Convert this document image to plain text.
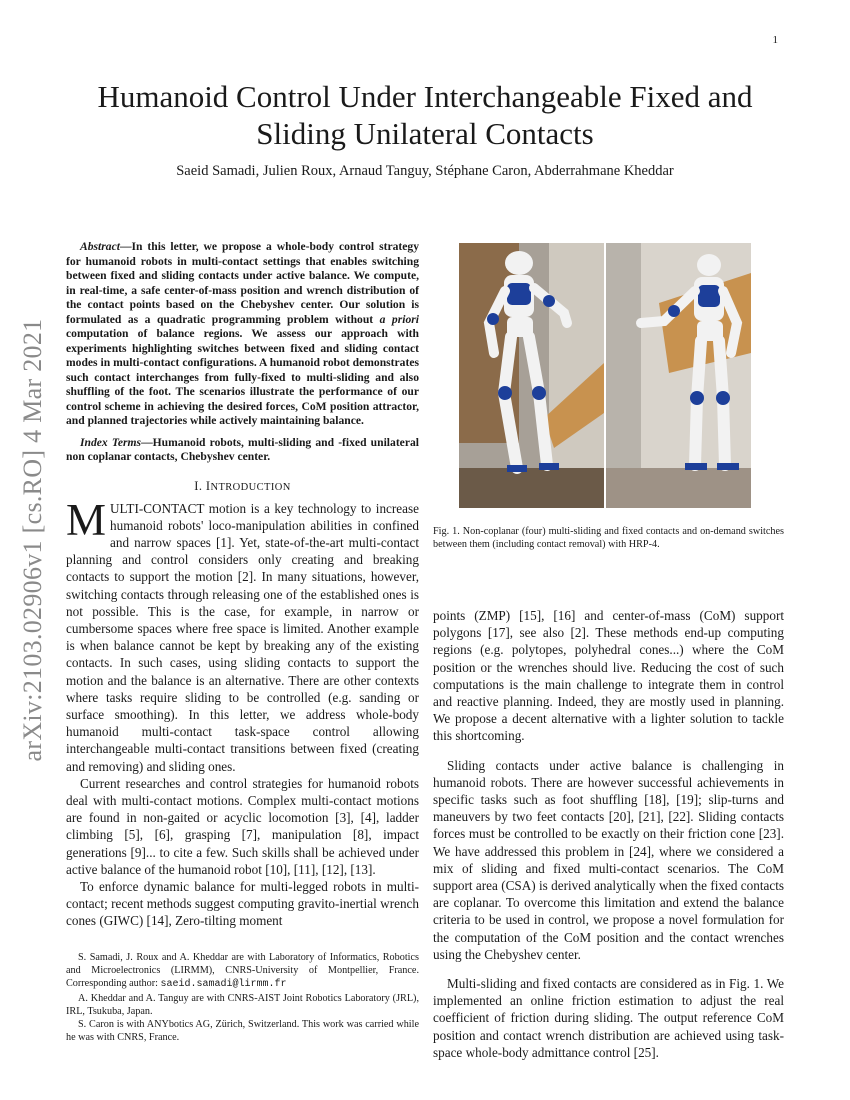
1
arXiv:2103.02906v1 [cs.RO] 4 Mar 2021
Humanoid Control Under Interchangeable Fixed and Sliding Unilateral Contacts
Saeid Samadi, Julien Roux, Arnaud Tanguy, Stéphane Caron, Abderrahmane Kheddar

Abstract—In this letter, we propose a whole-body control strategy for humanoid robots in multi-contact settings that enables switching between fixed and sliding contacts under active balance. We compute, in real-time, a safe center-of-mass position and wrench distribution of the contact points based on the Chebyshev center. Our solution is formulated as a quadratic programming problem without a priori computation of balance regions. We assess our approach with experiments highlighting switches between fixed and sliding contact modes in multi-contact configurations. A humanoid robot demonstrates such contact interchanges from fully-fixed to multi-sliding and also shuffling of the foot. The scenarios illustrate the performance of our control scheme in achieving the desired forces, CoM position attractor, and planned trajectories while actively maintaining balance.

Index Terms—Humanoid robots, multi-sliding and -fixed unilateral non coplanar contacts, Chebyshev center.

I. INTRODUCTION

MULTI-CONTACT motion is a key technology to increase humanoid robots' loco-manipulation abilities in confined and narrow spaces [1]. Yet, state-of-the-art multi-contact planning and control considers only creating and breaking contacts to support the motion [2]. In many situations, however, switching contacts through releasing one of the established ones is not possible. This is the case, for example, in narrow or cumbersome spaces where free space is limited. Another example is when balance cannot be kept by breaking any of the existing contacts. In such cases, using sliding contacts to support the motion and the balance is an alternative. There are other contexts where tasks require sliding to be controlled (e.g. sanding or surface smoothing). In this letter, we address whole-body humanoid multi-contact task-space control allowing interchangeable multi-contact transitions between fixed (creating and removing) and sliding ones.

Current researches and control strategies for humanoid robots deal with multi-contact motions. Complex multi-contact motions are found in non-gaited or acyclic locomotion [3], [4], ladder climbing [5], [6], grasping [7], manipulation [8], impact generations [9]... to cite a few. Such skills shall be achieved under active balance of the humanoid robot [10], [11], [12], [13].

To enforce dynamic balance for multi-legged robots in multi-contact; recent methods suggest computing gravito-inertial wrench cones (GIWC) [14], Zero-tilting moment

S. Samadi, J. Roux and A. Kheddar are with Laboratory of Informatics, Robotics and Microelectronics (LIRMM), CNRS-University of Montpellier, France. Corresponding author: saeid.samadi@lirmm.fr

A. Kheddar and A. Tanguy are with CNRS-AIST Joint Robotics Laboratory (JRL), IRL, Tsukuba, Japan.

S. Caron is with ANYbotics AG, Zürich, Switzerland. This work was carried while he was with CNRS, France.

Fig. 1. Non-coplanar (four) multi-sliding and fixed contacts and on-demand switches between them (including contact removal) with HRP-4.

points (ZMP) [15], [16] and center-of-mass (CoM) support polygons [17], see also [2]. These methods end-up computing regions (e.g. polytopes, polyhedral cones...) where the CoM position or the wrenches should live. Reducing the cost of such computations is the main challenge to integrate them in control and reactive planning. Indeed, they are mostly used in planning. We propose a decent alternative with a lighter solution to tackle this shortcoming.

Sliding contacts under active balance is challenging in humanoid robots. There are however successful achievements in specific tasks such as foot shuffling [18], [19]; slip-turns and maneuvers by two feet contacts [20], [21], [22]. Sliding contacts forces must be controlled to be exactly on their friction cone [23]. We have addressed this problem in [24], where we considered a mix of sliding and fixed multi-contact scenarios. The CoM support area (CSA) is derived analytically when the fixed contacts are coplanar. To overcome this limitation and extend the balance criteria to be used in control, we propose a novel formulation for the computation of the CoM position and the contact wrenches using the Chebyshev center.

Multi-sliding and fixed contacts are considered as in Fig. 1. We implemented an online friction estimation to adjust the real coefficient of friction during sliding. The output reference CoM position and contact wrench distribution are achieved using task-space whole-body admittance control [25].
